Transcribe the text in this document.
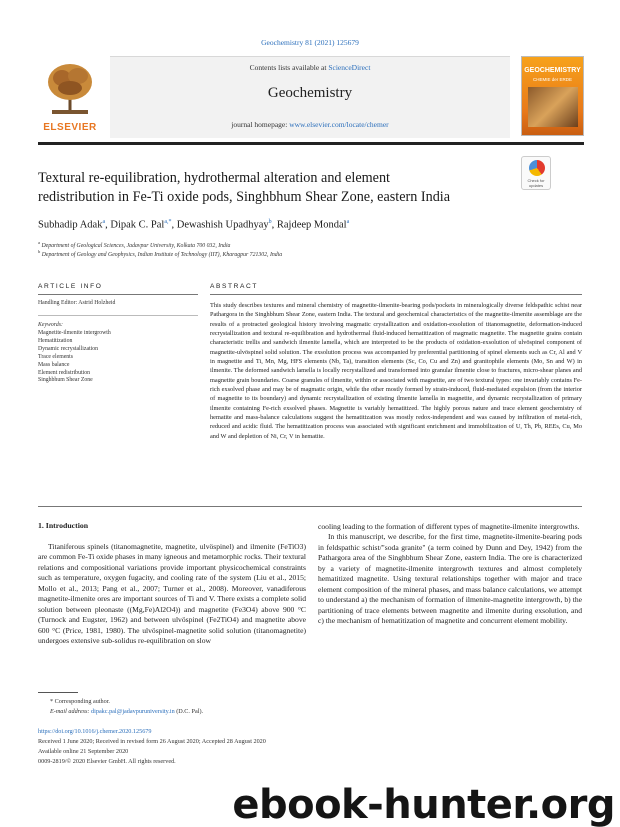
Geochemistry 81 (2021) 125679
ELSEVIER
Contents lists available at ScienceDirect
Geochemistry
journal homepage: www.elsevier.com/locate/chemer
GEOCHEMISTRY
CHEMIE der ERDE
Textural re-equilibration, hydrothermal alteration and element
redistribution in Fe-Ti oxide pods, Singhbhum Shear Zone, eastern India
Check for updates
Subhadip Adak$^a$, Dipak C. Pal$^{a,*}$, Dewashish Upadhyay$^b$, Rajdeep Mondal$^a$
$^a$ Department of Geological Sciences, Jadavpur University, Kolkata 700 032, India
$^b$ Department of Geology and Geophysics, Indian Institute of Technology (IIT), Kharagpur 721302, India
ARTICLE INFO	ABSTRACT
Handling Editor: Astrid Holzheid
Keywords:
Magnetite-ilmenite intergrowth
Hematitization
Dynamic recrystallization
Trace elements
Mass balance
Element redistribution
Singhbhum Shear Zone
This study describes textures and mineral chemistry of magnetite-ilmenite-bearing pods/pockets in mineralogically diverse feldspathic schist near Pathargora in the Singhbhum Shear Zone, eastern India. The textural and geochemical characteristics of the magnetite-ilmenite assemblage are the results of a protracted geological history involving magmatic crystallization and oxidation-exsolution of titanomagnetite, deformation-induced recrystallization and textural re-equilibration and hydrothermal fluid-induced hematitization of magmatic magnetite. The magnetite grains contain characteristic trellis and sandwich ilmenite lamella, which are interpreted to be the products of oxidation-exsolution of ulvöspinel component of magnetite-ulvöspinel solid solution. The exsolution process was accompanied by preferential partitioning of spinel elements such as Cr, Al and V in magnetite and Ti, Mn, Mg, HFS elements (Nb, Ta), transition elements (Sc, Co, Cu and Zn) and granitophile elements (Mo, Sn and W) in ilmenite. The deformed sandwich lamella is locally recrystallized and transformed into granular ilmenite close to fractures, micro-shear planes and magnetite grain boundaries. Coarse granules of ilmenite, within or associated with magnetite, are of two textural types: one invariably contains Fe-rich exsolved phase and may be of magmatic origin, while the other mostly formed by strain-induced, fluid-mediated expulsion (from the interior of magnetite to its boundary) and dynamic recrystallization of existing ilmenite lamella in magnetite, and dynamic recrystallization of primary ilmenite containing Fe-rich exsolved phases. Magnetite is variably hematitized. The highly porous nature and trace element geochemistry of hematite and mass-balance calculations suggest the hematitization was mostly redox-independent and was caused by infiltration of metal-rich, reduced and acidic fluid. The hematitization process was associated with significant enrichment and immobilization of U, Th, Pb, REEs, Cu, Mo and W and depletion of Ni, Cr, V in hematite.
1. Introduction

Titaniferous spinels (titanomagnetite, magnetite, ulvöspinel) and ilmenite (FeTiO3) are common Fe-Ti oxide phases in many igneous and metamorphic rocks. Their textural relations and compositional variations provide important physicochemical constraints such as temperature, oxygen fugacity, and cooling rate of the system (Liu et al., 2015; Mollo et al., 2013; Pang et al., 2007; Turner et al., 2008). Moreover, vanadiferous magnetite-ilmenite ores are important sources of Ti and V. There exists a complete solid solution between pleonaste ((Mg,Fe)Al2O4)) and magnetite (Fe3O4) above 900 °C (Turnock and Eugster, 1962) and between ulvöspinel (Fe2TiO4) and magnetite above 600 °C (Price, 1981, 1980). The ulvöspinel-magnetite solid solution (titanomagnetite) undergoes extensive sub-solidus re-equilibration on slow

cooling leading to the formation of different types of magnetite-ilmenite intergrowths.

In this manuscript, we describe, for the first time, magnetite-ilmenite-bearing pods in feldspathic schist/"soda granite" (a term coined by Dunn and Dey, 1942) from the Pathargora area of the Singhbhum Shear Zone, eastern India. The ore is characterized by a variety of magnetite-ilmenite intergrowth textures and almost completely hematitized magnetite. Using textural relationships together with major and trace element composition of the mineral phases, and mass balance calculations, we attempt to understand a) the mechanism of formation of ilmenite-magnetite intergrowth, b) the partitioning of trace elements between magnetite and ilmenite during exsolution, and c) the mechanism of hematitization of magnetite and concurrent element mobility.

* Corresponding author.
E-mail address: dipakc.pal@jadavpuruniversity.in (D.C. Pal).
https://doi.org/10.1016/j.chemer.2020.125679
Received 1 June 2020; Received in revised form 26 August 2020; Accepted 28 August 2020
Available online 21 September 2020
0009-2819/© 2020 Elsevier GmbH. All rights reserved.
ebook-hunter.org
